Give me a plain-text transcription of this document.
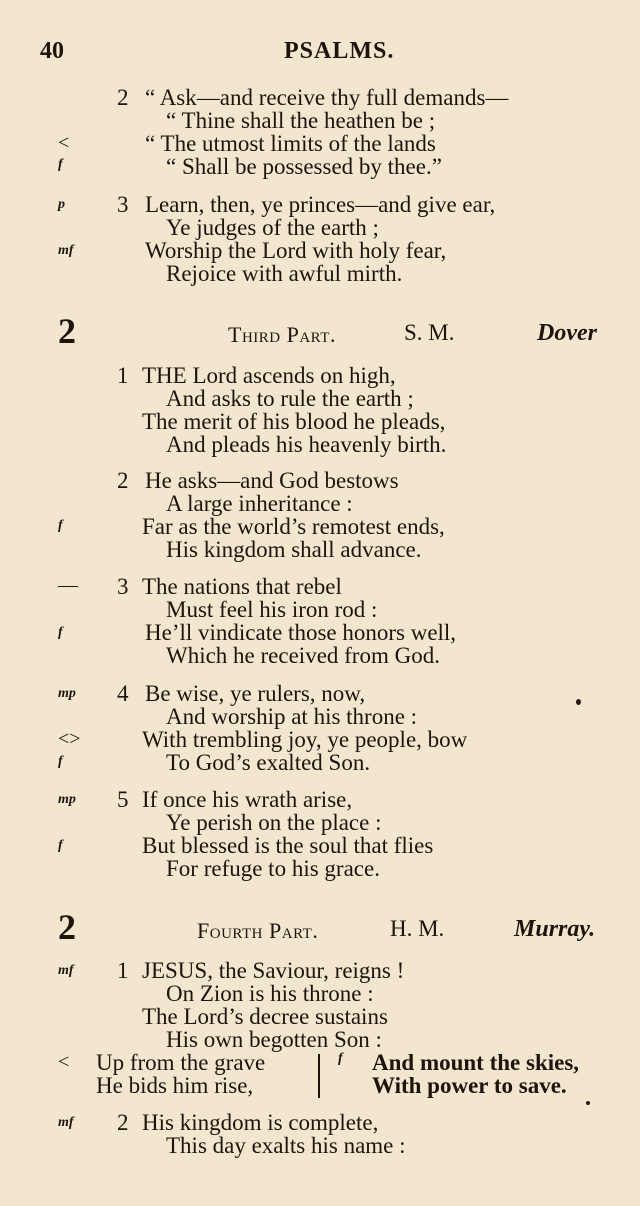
40	PSALMS.
2 “ Ask—and receive thy full demands—
“ Thine shall the heathen be ;
<	“ The utmost limits of the lands
f	“ Shall be possessed by thee.”
p 3 Learn, then, ye princes—and give ear,
Ye judges of the earth ;
mf	Worship the Lord with holy fear,
Rejoice with awful mirth.
2	Third Part.	S. M.	Dover
1 THE Lord ascends on high,
And asks to rule the earth ;
The merit of his blood he pleads,
And pleads his heavenly birth.
2 He asks—and God bestows
A large inheritance :
f	Far as the world’s remotest ends,
His kingdom shall advance.
— 3 The nations that rebel
Must feel his iron rod :
f	He’ll vindicate those honors well,
Which he received from God.
mp 4 Be wise, ye rulers, now,
And worship at his throne :
<>	With trembling joy, ye people, bow
f	To God’s exalted Son.
mp 5 If once his wrath arise,
Ye perish on the place :
f	But blessed is the soul that flies
For refuge to his grace.
2	Fourth Part.	H. M.	Murray.
mf 1 JESUS, the Saviour, reigns !
On Zion is his throne :
The Lord’s decree sustains
His own begotten Son :
< Up from the grave
He bids him rise,
f And mount the skies,
With power to save.
mf 2 His kingdom is complete,
This day exalts his name :
